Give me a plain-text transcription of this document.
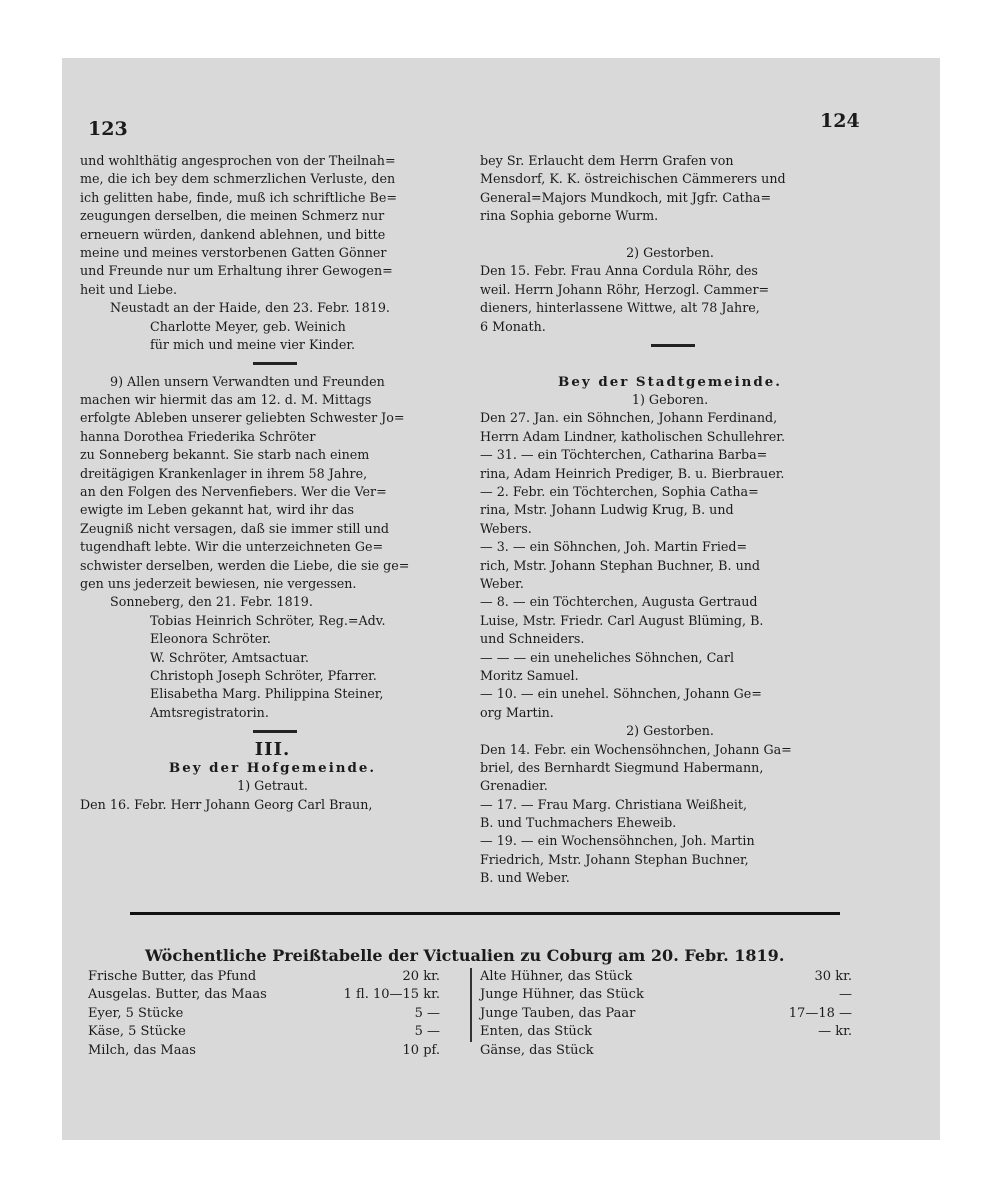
123	124
und wohlthätig angesprochen von der Theilnah=
me, die ich bey dem schmerzlichen Verluste, den
ich gelitten habe, finde, muß ich schriftliche Be=
zeugungen derselben, die meinen Schmerz nur
erneuern würden, dankend ablehnen, und bitte
meine und meines verstorbenen Gatten Gönner
und Freunde nur um Erhaltung ihrer Gewogen=
heit und Liebe.
Neustadt an der Haide, den 23. Febr. 1819.
Charlotte Meyer, geb. Weinich
für mich und meine vier Kinder.
9) Allen unsern Verwandten und Freunden
machen wir hiermit das am 12. d. M. Mittags
erfolgte Ableben unserer geliebten Schwester Jo=
hanna Dorothea Friederika Schröter
zu Sonneberg bekannt. Sie starb nach einem
dreitägigen Krankenlager in ihrem 58 Jahre,
an den Folgen des Nervenfiebers. Wer die Ver=
ewigte im Leben gekannt hat, wird ihr das
Zeugniß nicht versagen, daß sie immer still und
tugendhaft lebte. Wir die unterzeichneten Ge=
schwister derselben, werden die Liebe, die sie ge=
gen uns jederzeit bewiesen, nie vergessen.
Sonneberg, den 21. Febr. 1819.
Tobias Heinrich Schröter, Reg.=Adv.
Eleonora Schröter.
W. Schröter, Amtsactuar.
Christoph Joseph Schröter, Pfarrer.
Elisabetha Marg. Philippina Steiner,
Amtsregistratorin.
III.
Bey der Hofgemeinde.
1) Getraut.
Den 16. Febr. Herr Johann Georg Carl Braun,
bey Sr. Erlaucht dem Herrn Grafen von
Mensdorf, K. K. östreichischen Cämmerers und
General=Majors Mundkoch, mit Jgfr. Catha=
rina Sophia geborne Wurm.
2) Gestorben.
Den 15. Febr. Frau Anna Cordula Röhr, des
weil. Herrn Johann Röhr, Herzogl. Cammer=
dieners, hinterlassene Wittwe, alt 78 Jahre,
6 Monath.
Bey der Stadtgemeinde.
1) Geboren.
Den 27. Jan. ein Söhnchen, Johann Ferdinand,
Herrn Adam Lindner, katholischen Schullehrer.
— 31. — ein Töchterchen, Catharina Barba=
rina, Adam Heinrich Prediger, B. u. Bierbrauer.
— 2. Febr. ein Töchterchen, Sophia Catha=
rina, Mstr. Johann Ludwig Krug, B. und
Webers.
— 3. — ein Söhnchen, Joh. Martin Fried=
rich, Mstr. Johann Stephan Buchner, B. und
Weber.
— 8. — ein Töchterchen, Augusta Gertraud
Luise, Mstr. Friedr. Carl August Blüming, B.
und Schneiders.
— — — ein uneheliches Söhnchen, Carl
Moritz Samuel.
— 10. — ein unehel. Söhnchen, Johann Ge=
org Martin.
2) Gestorben.
Den 14. Febr. ein Wochensöhnchen, Johann Ga=
briel, des Bernhardt Siegmund Habermann,
Grenadier.
— 17. — Frau Marg. Christiana Weißheit,
B. und Tuchmachers Eheweib.
— 19. — ein Wochensöhnchen, Joh. Martin
Friedrich, Mstr. Johann Stephan Buchner,
B. und Weber.
Wöchentliche Preißtabelle der Victualien zu Coburg am 20. Febr. 1819.
Frische Butter, das Pfund	20 kr.
Ausgelas. Butter, das Maas	1 fl. 10—15 kr.
Eyer, 5 Stücke	5 —
Käse, 5 Stücke	5 —
Milch, das Maas	10 pf.
Alte Hühner, das Stück	30 kr.
Junge Hühner, das Stück	—
Junge Tauben, das Paar	17—18 —
Enten, das Stück	— kr.
Gänse, das Stück
